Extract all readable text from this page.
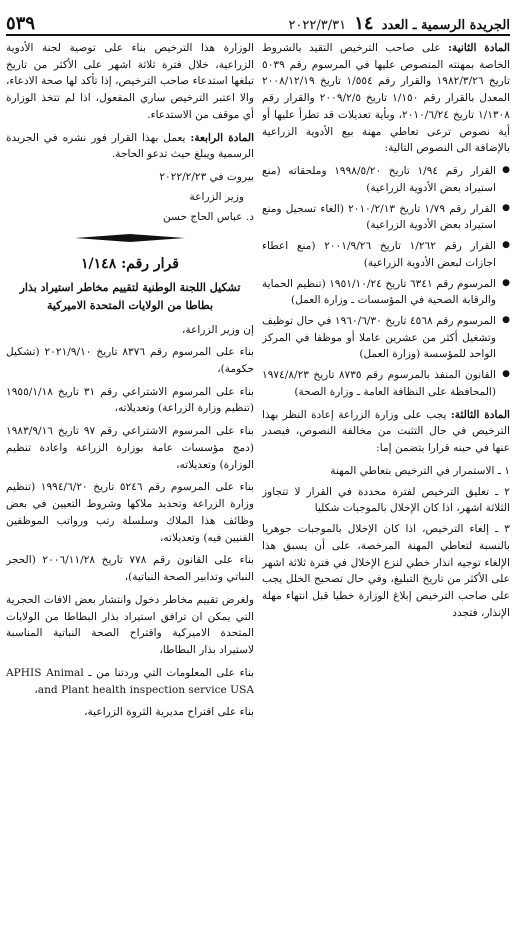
الجريدة الرسمية ـ العدد ١٤ ٢٠٢٢/٣/٣١
٥٣٩

المادة الثانية: على صاحب الترخيص التقيد بالشروط الخاصة بمهنته المنصوص عليها في المرسوم رقم ٥٠٣٩ تاريخ ١٩٨٢/٣/٢٦ والقرار رقم ١/٥٥٤ تاريخ ٢٠٠٨/١٢/١٩ المعدل بالقرار رقم ١/١٥٠ تاريخ ٢٠٠٩/٢/٥ والقرار رقم ١/١٣٠٨ تاريخ ٢٠١٠/٦/٢٤، وبأية تعديلات قد تطرأ عليها أو أية نصوص ترعى تعاطي مهنة بيع الأدوية الزراعية بالإضافة الى النصوص التالية:

● القرار رقم ١/٩٤ تاريخ ١٩٩٨/٥/٢٠ وملحقاته (منع استيراد بعض الأدوية الزراعية)
● القرار رقم ١/٧٩ تاريخ ٢٠١٠/٢/١٣ (الغاء تسجيل ومنع استيراد بعض الأدوية الزراعية)
● القرار رقم ١/٢٦٢ تاريخ ٢٠٠١/٩/٢٦ (منع اعطاء اجازات لبعض الأدوية الزراعية)
● المرسوم رقم ٦٣٤١ تاريخ ١٩٥١/١٠/٢٤ (تنظيم الحماية والرقابة الصحية في المؤسسات ـ وزارة العمل)
● المرسوم رقم ٤٥٦٨ تاريخ ١٩٦٠/٦/٣٠ في حال توظيف وتشغيل أكثر من عشرين عاملا أو موظفا في المركز الواحد للمؤسسة (وزارة العمل)
● القانون المنفذ بالمرسوم رقم ٨٧٣٥ تاريخ ١٩٧٤/٨/٢٣ (المحافظة على النظافة العامة ـ وزارة الصحة)

المادة الثالثة: يجب على وزارة الزراعة إعادة النظر بهذا الترخيص في حال التثبت من مخالفة النصوص، فيصدر عنها في حينه قرارا يتضمن إما:

١ ـ الاستمرار في الترخيص بتعاطي المهنة
٢ ـ تعليق الترخيص لفترة محددة في القرار لا تتجاوز الثلاثة اشهر، اذا كان الإخلال بالموجبات شكليا
٣ ـ إلغاء الترخيص، اذا كان الإخلال بالموجبات جوهريا بالنسبة لتعاطي المهنة المرخصة، على أن يسبق هذا الإلغاء توجيه انذار خطي لنزع الإخلال في فترة ثلاثة اشهر على الأكثر من تاريخ التبليغ، وفي حال تصحيح الخلل يجب على صاحب الترخيص إبلاغ الوزارة خطيا قبل انتهاء مهلة الإنذار، فتجدد

الوزارة هذا الترخيص بناء على توصية لجنة الأدوية الزراعية، خلال فترة ثلاثة اشهر على الأكثر من تاريخ تبلغها استدعاء صاحب الترخيص، إذا تأكد لها صحة الادعاء، والا اعتبر الترخيص ساري المفعول، اذا لم تتخذ الوزارة أي موقف من الاستدعاء.

المادة الرابعة: يعمل بهذا القرار فور نشره في الجريدة الرسمية ويبلغ حيث تدعو الحاجة.

بيروت في ٢٠٢٢/٢/٢٣

وزير الزراعة

د. عباس الحاج حسن

قرار رقم: ١/١٤٨
تشكيل اللجنة الوطنية لتقييم مخاطر استيراد بذار بطاطا من الولايات المتحدة الاميركية

إن وزير الزراعة،

بناء على المرسوم رقم ٨٣٧٦ تاريخ ٢٠٢١/٩/١٠ (تشكيل حكومة)،

بناء على المرسوم الاشتراعي رقم ٣١ تاريخ ١٩٥٥/١/١٨ (تنظيم وزارة الزراعة) وتعديلاته،

بناء على المرسوم الاشتراعي رقم ٩٧ تاريخ ١٩٨٣/٩/١٦ (دمج مؤسسات عامة بوزارة الزراعة واعادة تنظيم الوزارة) وتعديلاته،

بناء على المرسوم رقم ٥٢٤٦ تاريخ ١٩٩٤/٦/٢٠ (تنظيم وزارة الزراعة وتحديد ملاكها وشروط التعيين في بعض وظائف هذا الملاك وسلسلة رتب ورواتب الموظفين الفنيين فيه) وتعديلاته،

بناء على القانون رقم ٧٧٨ تاريخ ٢٠٠٦/١١/٢٨ (الحجر النباتي وتدابير الصحة النباتية)،

ولغرض تقييم مخاطر دخول وانتشار بعض الافات الحجرية التي يمكن ان ترافق استيراد بذار البطاطا من الولايات المتحدة الاميركية واقتراح الصحة النباتية المناسبة لاستيراد بذار البطاطا،

بناء على المعلومات التي وردتنا من ـ APHIS Animal and Plant health inspection service USA،

بناء على اقتراح مديرية الثروة الزراعية،
